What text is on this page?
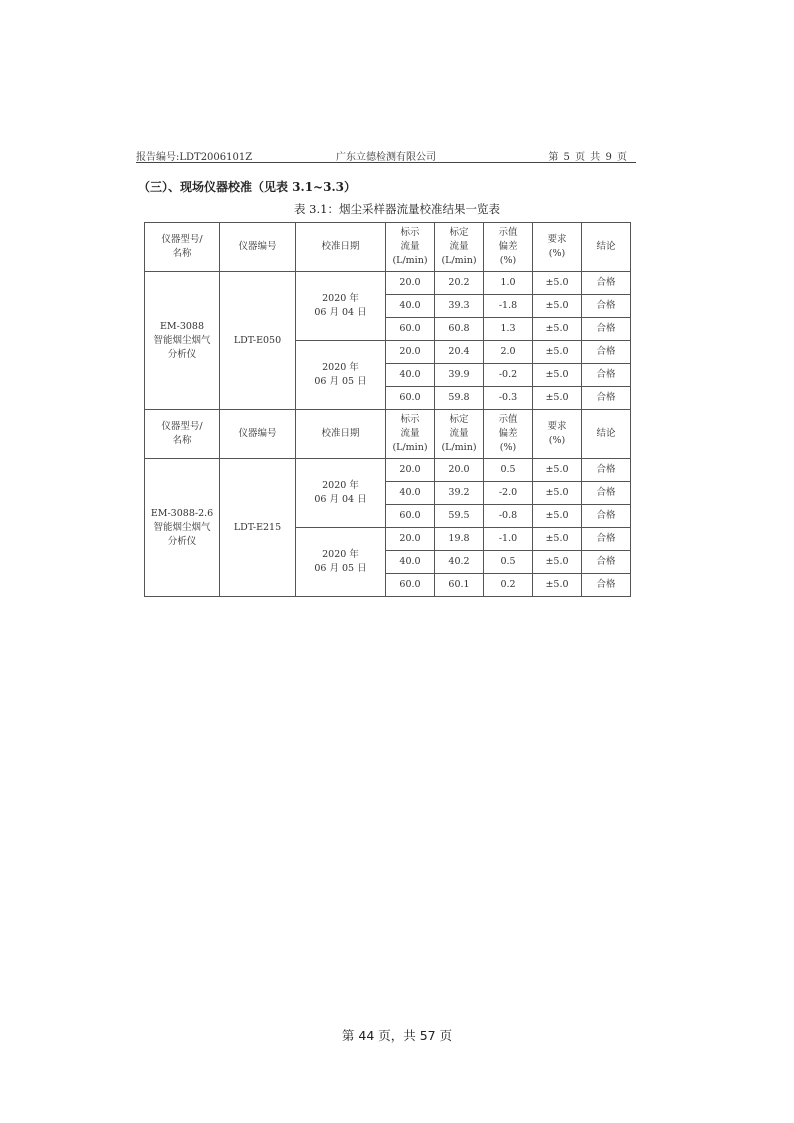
报告编号:LDT2006101Z	广东立德检测有限公司	第 5 页 共 9 页
（三）、现场仪器校准（见表 3.1~3.3）
表 3.1：烟尘采样器流量校准结果一览表
仪器型号/
名称	仪器编号	校准日期	标示
流量
(L/min)	标定
流量
(L/min)	示值
偏差
(%)	要求
(%)	结论
EM-3088
智能烟尘烟气
分析仪	LDT-E050	2020 年
06 月 04 日	20.0	20.2	1.0	±5.0	合格
			40.0	39.3	-1.8	±5.0	合格
			60.0	60.8	1.3	±5.0	合格
		2020 年
06 月 05 日	20.0	20.4	2.0	±5.0	合格
			40.0	39.9	-0.2	±5.0	合格
			60.0	59.8	-0.3	±5.0	合格
仪器型号/
名称	仪器编号	校准日期	标示
流量
(L/min)	标定
流量
(L/min)	示值
偏差
(%)	要求
(%)	结论
EM-3088-2.6
智能烟尘烟气
分析仪	LDT-E215	2020 年
06 月 04 日	20.0	20.0	0.5	±5.0	合格
			40.0	39.2	-2.0	±5.0	合格
			60.0	59.5	-0.8	±5.0	合格
		2020 年
06 月 05 日	20.0	19.8	-1.0	±5.0	合格
			40.0	40.2	0.5	±5.0	合格
			60.0	60.1	0.2	±5.0	合格
第 44 页，共 57 页
